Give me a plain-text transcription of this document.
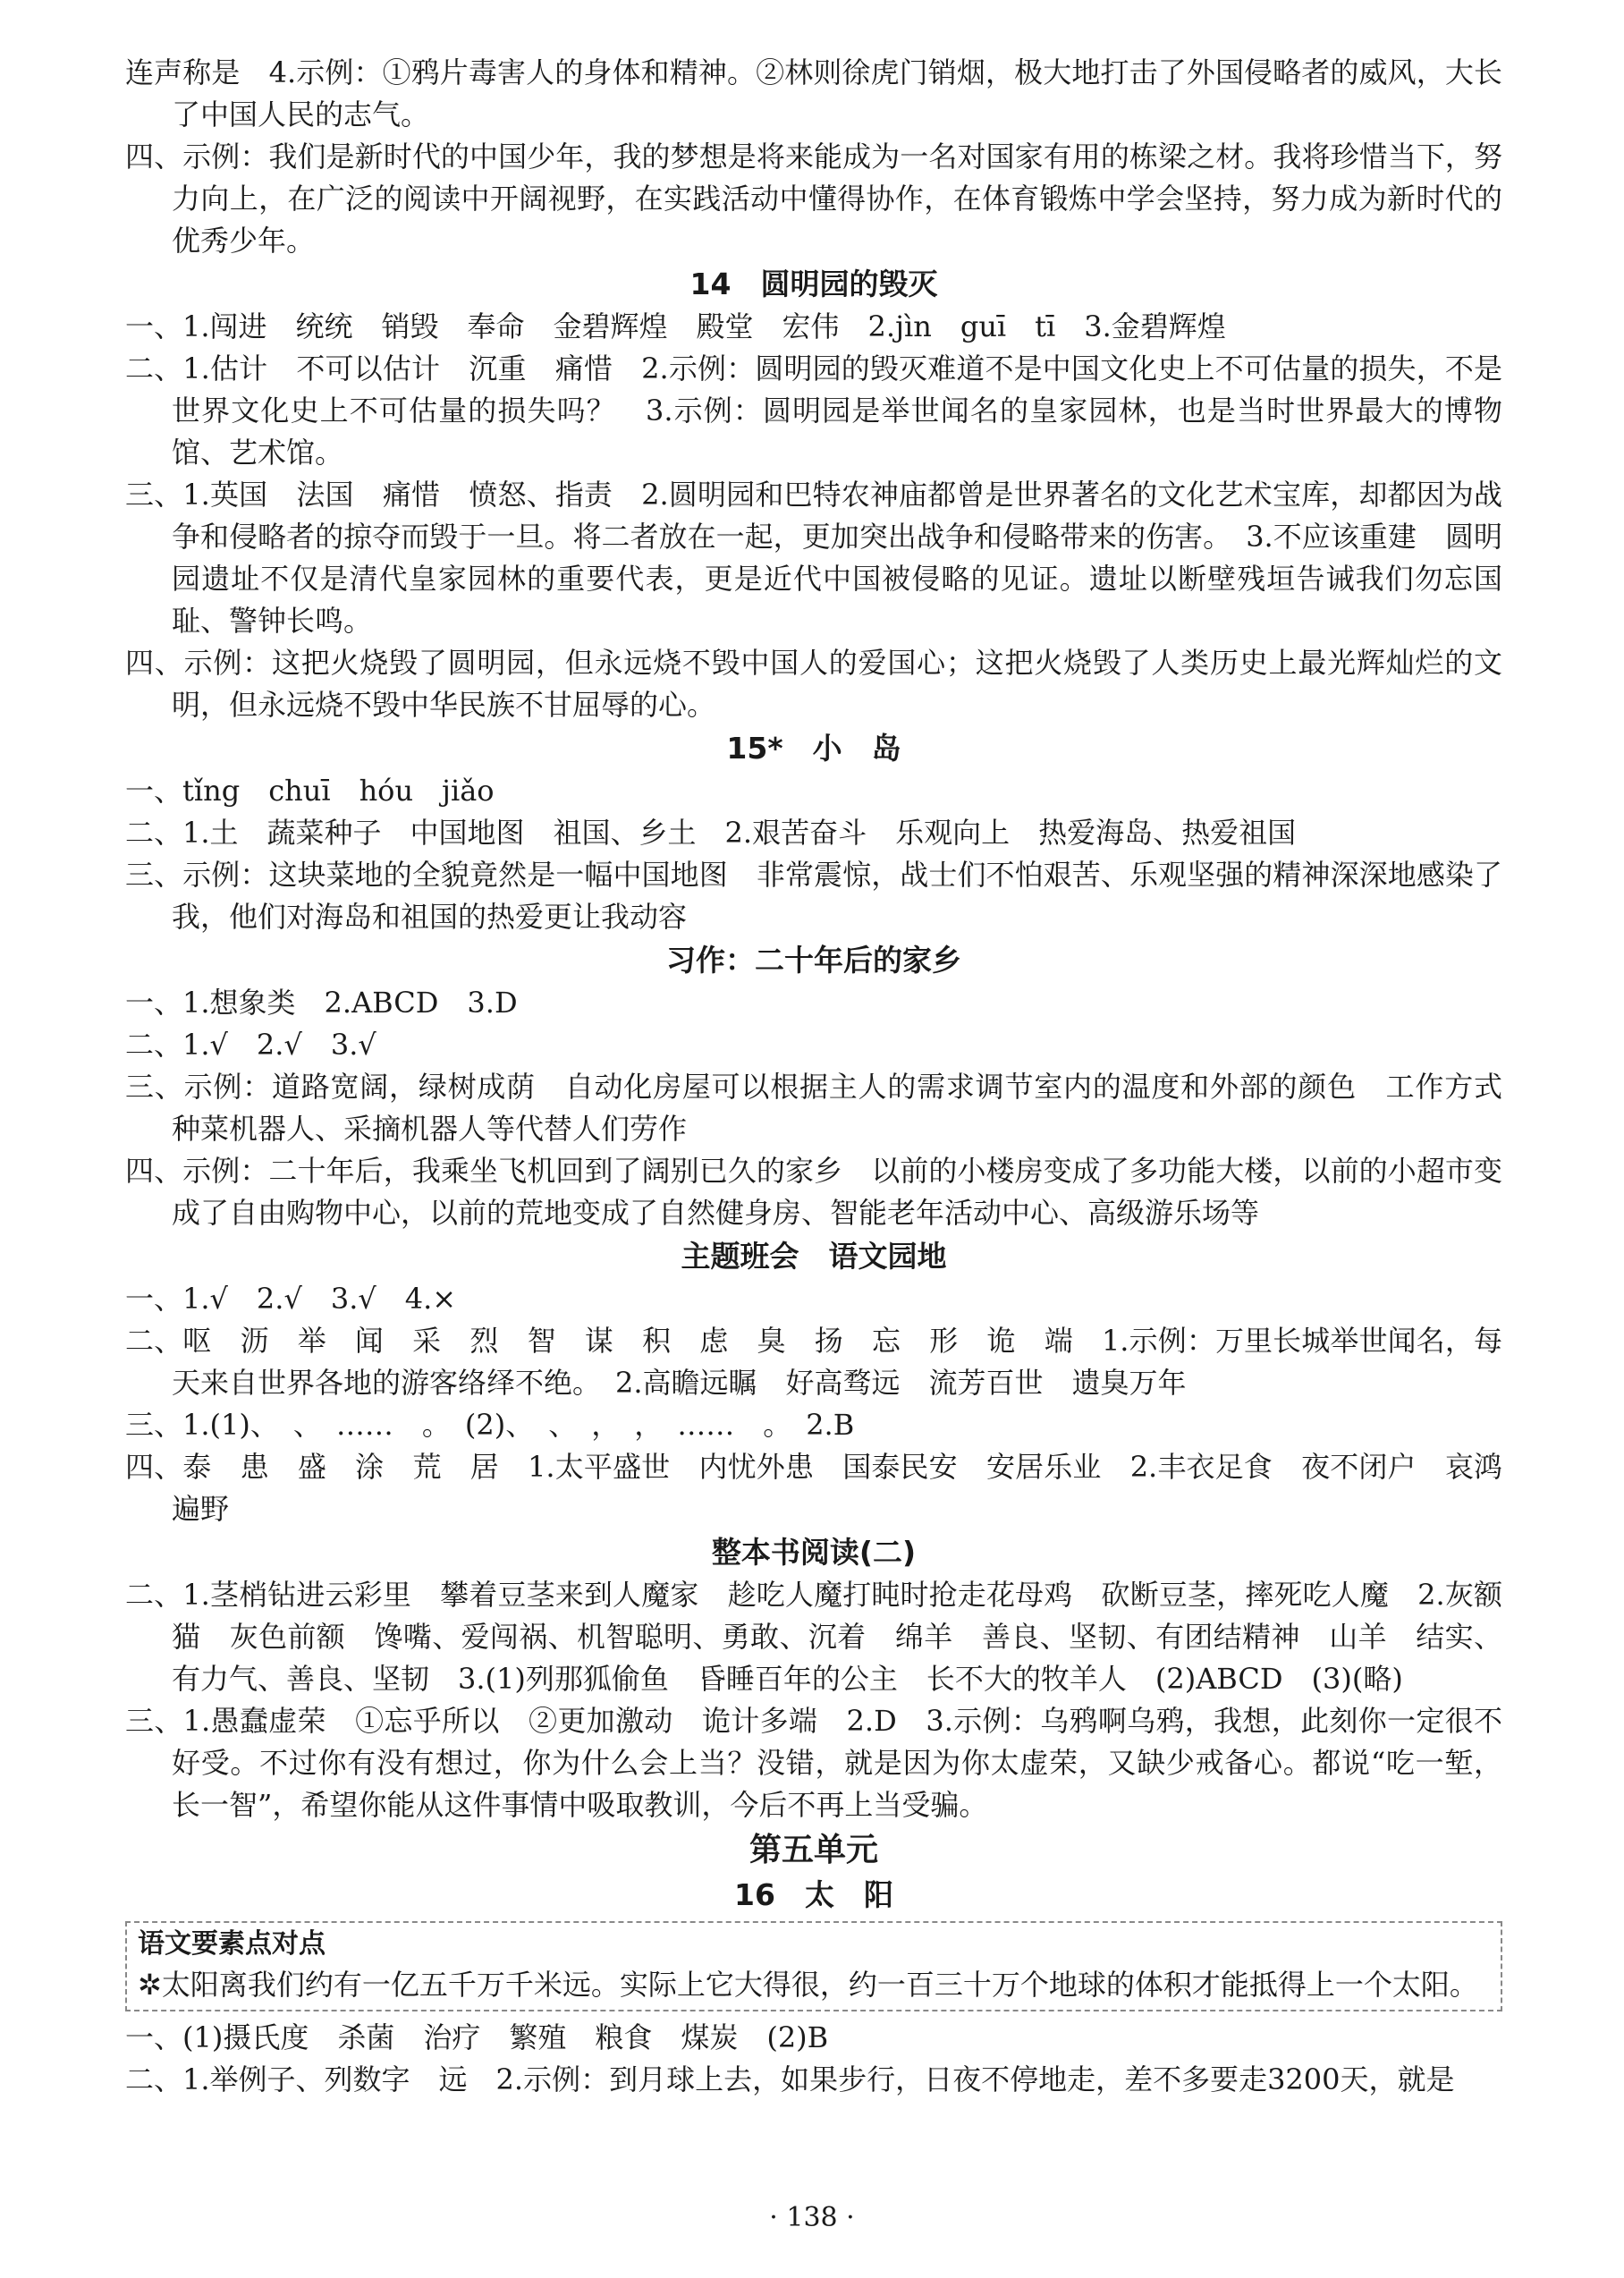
连声称是　4.示例：①鸦片毒害人的身体和精神。②林则徐虎门销烟，极大地打击了外国侵略者的威风，大长了中国人民的志气。

四、示例：我们是新时代的中国少年，我的梦想是将来能成为一名对国家有用的栋梁之材。我将珍惜当下，努力向上，在广泛的阅读中开阔视野，在实践活动中懂得协作，在体育锻炼中学会坚持，努力成为新时代的优秀少年。

14　圆明园的毁灭

一、1.闯进　统统　销毁　奉命　金碧辉煌　殿堂　宏伟　2.jìn　guī　tī　3.金碧辉煌

二、1.估计　不可以估计　沉重　痛惜　2.示例：圆明园的毁灭难道不是中国文化史上不可估量的损失，不是世界文化史上不可估量的损失吗？　3.示例：圆明园是举世闻名的皇家园林，也是当时世界最大的博物馆、艺术馆。

三、1.英国　法国　痛惜　愤怒、指责　2.圆明园和巴特农神庙都曾是世界著名的文化艺术宝库，却都因为战争和侵略者的掠夺而毁于一旦。将二者放在一起，更加突出战争和侵略带来的伤害。　3.不应该重建　圆明园遗址不仅是清代皇家园林的重要代表，更是近代中国被侵略的见证。遗址以断壁残垣告诫我们勿忘国耻、警钟长鸣。

四、示例：这把火烧毁了圆明园，但永远烧不毁中国人的爱国心；这把火烧毁了人类历史上最光辉灿烂的文明，但永远烧不毁中华民族不甘屈辱的心。

15*　小　岛

一、tǐng　chuī　hóu　jiǎo

二、1.土　蔬菜种子　中国地图　祖国、乡土　2.艰苦奋斗　乐观向上　热爱海岛、热爱祖国

三、示例：这块菜地的全貌竟然是一幅中国地图　非常震惊，战士们不怕艰苦、乐观坚强的精神深深地感染了我，他们对海岛和祖国的热爱更让我动容

习作：二十年后的家乡

一、1.想象类　2.ABCD　3.D

二、1.√　2.√　3.√

三、示例：道路宽阔，绿树成荫　自动化房屋可以根据主人的需求调节室内的温度和外部的颜色　工作方式　种菜机器人、采摘机器人等代替人们劳作

四、示例：二十年后，我乘坐飞机回到了阔别已久的家乡　以前的小楼房变成了多功能大楼，以前的小超市变成了自由购物中心，以前的荒地变成了自然健身房、智能老年活动中心、高级游乐场等

主题班会　语文园地

一、1.√　2.√　3.√　4.×

二、呕　沥　举　闻　采　烈　智　谋　积　虑　臭　扬　忘　形　诡　端　1.示例：万里长城举世闻名，每天来自世界各地的游客络绎不绝。　2.高瞻远瞩　好高骛远　流芳百世　遗臭万年

三、1.(1)、　、　……　。　(2)、　、　，　，　……　。　2.B

四、泰　患　盛　涂　荒　居　1.太平盛世　内忧外患　国泰民安　安居乐业　2.丰衣足食　夜不闭户　哀鸿遍野

整本书阅读(二)

二、1.茎梢钻进云彩里　攀着豆茎来到人魔家　趁吃人魔打盹时抢走花母鸡　砍断豆茎，摔死吃人魔　2.灰额猫　灰色前额　馋嘴、爱闯祸、机智聪明、勇敢、沉着　绵羊　善良、坚韧、有团结精神　山羊　结实、有力气、善良、坚韧　3.(1)列那狐偷鱼　昏睡百年的公主　长不大的牧羊人　(2)ABCD　(3)(略)

三、1.愚蠢虚荣　①忘乎所以　②更加激动　诡计多端　2.D　3.示例：乌鸦啊乌鸦，我想，此刻你一定很不好受。不过你有没有想过，你为什么会上当？没错，就是因为你太虚荣，又缺少戒备心。都说“吃一堑，长一智”，希望你能从这件事情中吸取教训，今后不再上当受骗。

第五单元
16　太　阳
语文要素点对点
✲太阳离我们约有一亿五千万千米远。实际上它大得很，约一百三十万个地球的体积才能抵得上一个太阳。

一、(1)摄氏度　杀菌　治疗　繁殖　粮食　煤炭　(2)B

二、1.举例子、列数字　远　2.示例：到月球上去，如果步行，日夜不停地走，差不多要走3200天，就是

· 138 ·
